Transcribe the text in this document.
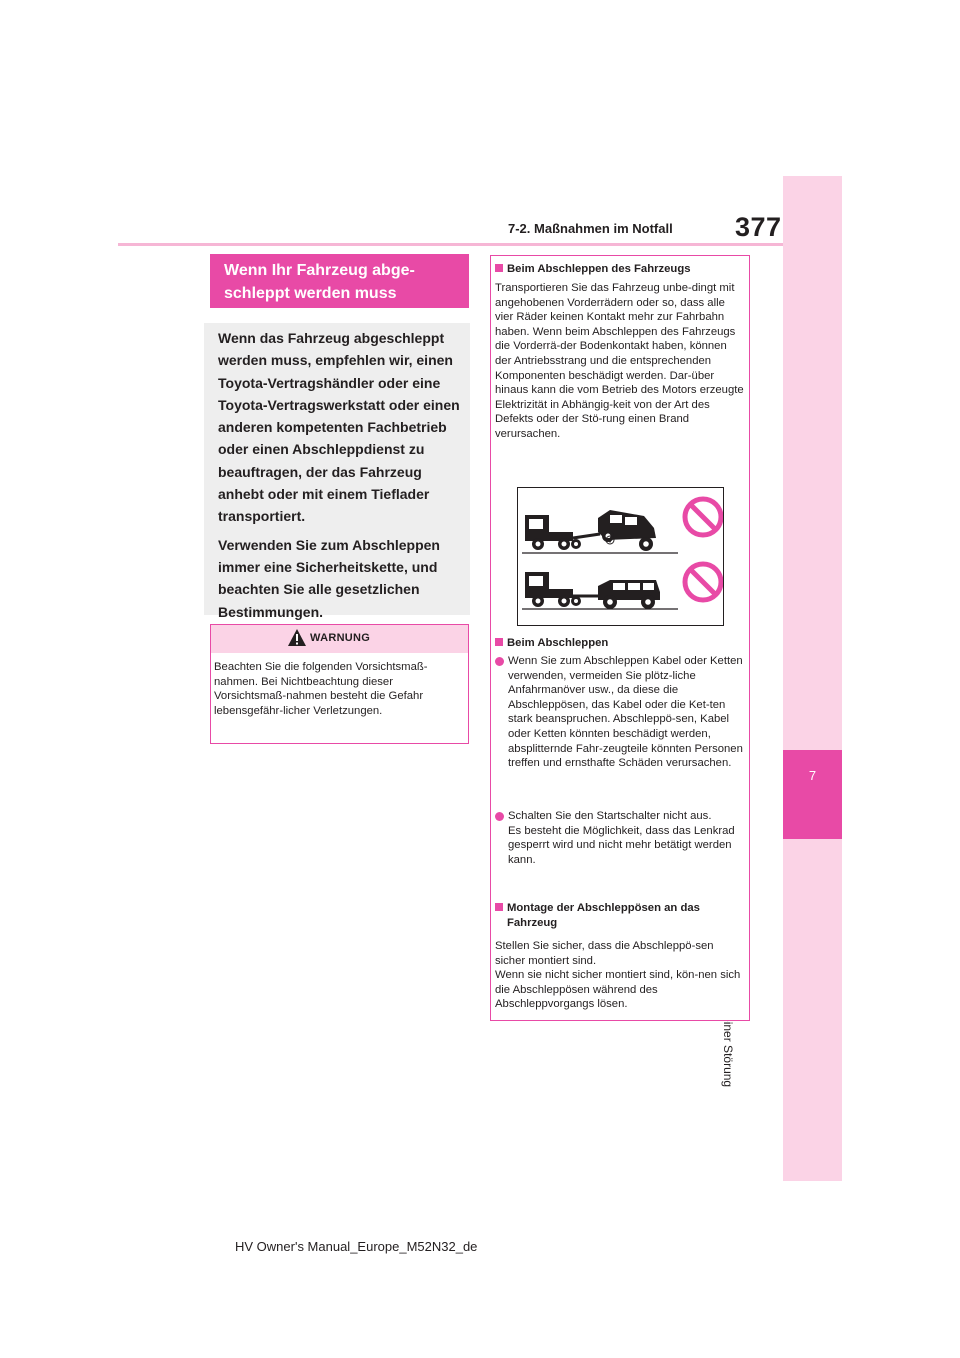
377
7-2. Maßnahmen im Notfall
7
Wenn Ihr Fahrzeug abge-
schleppt werden muss

Wenn das Fahrzeug abgeschleppt werden muss, empfehlen wir, einen Toyota-Vertragshändler oder eine Toyota-Vertragswerkstatt oder einen anderen kompetenten Fachbetrieb oder einen Abschleppdienst zu beauftragen, der das Fahrzeug anhebt oder mit einem Tieflader transportiert.

Verwenden Sie zum Abschleppen immer eine Sicherheitskette, und beachten Sie alle gesetzlichen Bestimmungen.

WARNUNG
Beachten Sie die folgenden Vorsichtsmaß-nahmen. Bei Nichtbeachtung dieser Vorsichtsmaß-nahmen besteht die Gefahr lebensgefähr-licher Verletzungen.
Beim Abschleppen des Fahrzeugs
Transportieren Sie das Fahrzeug unbe-dingt mit angehobenen Vorderrädern oder so, dass alle vier Räder keinen Kontakt mehr zur Fahrbahn haben. Wenn beim Abschleppen des Fahrzeugs die Vorderrä-der Bodenkontakt haben, können der Antriebsstrang und die entsprechenden Komponenten beschädigt werden. Dar-über hinaus kann die vom Betrieb des Motors erzeugte Elektrizität in Abhängig-keit von der Art des Defekts oder der Stö-rung einen Brand verursachen.
Beim Abschleppen
Wenn Sie zum Abschleppen Kabel oder Ketten verwenden, vermeiden Sie plötz-liche Anfahrmanöver usw., da diese die Abschleppösen, das Kabel oder die Ket-ten stark beanspruchen. Abschleppö-sen, Kabel oder Ketten könnten beschädigt werden, absplitternde Fahr-zeugteile könnten Personen treffen und ernsthafte Schäden verursachen.
Schalten Sie den Startschalter nicht aus.
Es besteht die Möglichkeit, dass das Lenkrad gesperrt wird und nicht mehr betätigt werden kann.
Montage der Abschleppösen an das Fahrzeug
Stellen Sie sicher, dass die Abschleppö-sen sicher montiert sind.
Wenn sie nicht sicher montiert sind, kön-nen sich die Abschleppösen während des Abschleppvorgangs lösen.
HV Owner's Manual_Europe_M52N32_de
